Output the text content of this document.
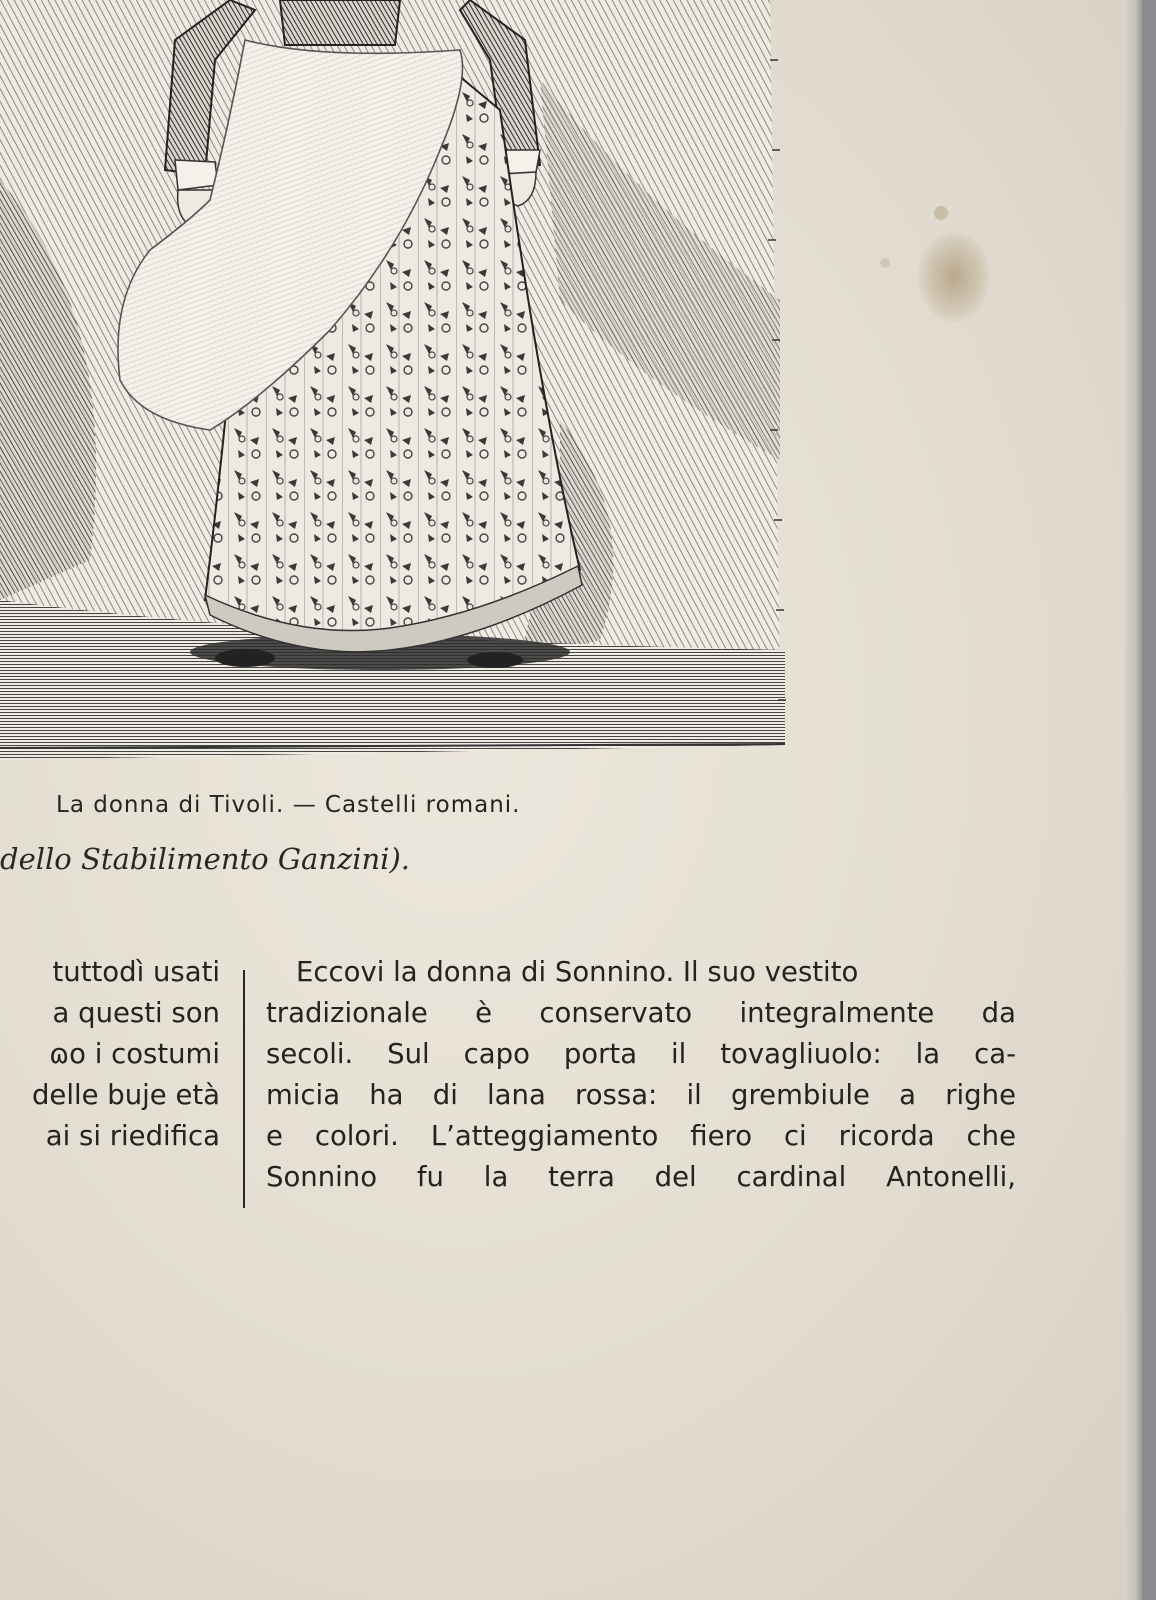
La donna di Tivoli. — Castelli romani.

dello Stabilimento Ganzini).

tuttodì usati
a questi son
ɷo i costumi
delle buje età
ai si riedifica
Eccovi la donna di Sonnino. Il suo vestito
tradizionale è conservato integralmente da
secoli. Sul capo porta il tovagliuolo: la ca-
micia ha di lana rossa: il grembiule a righe
e colori. L’atteggiamento fiero ci ricorda che
Sonnino fu la terra del cardinal Antonelli,
